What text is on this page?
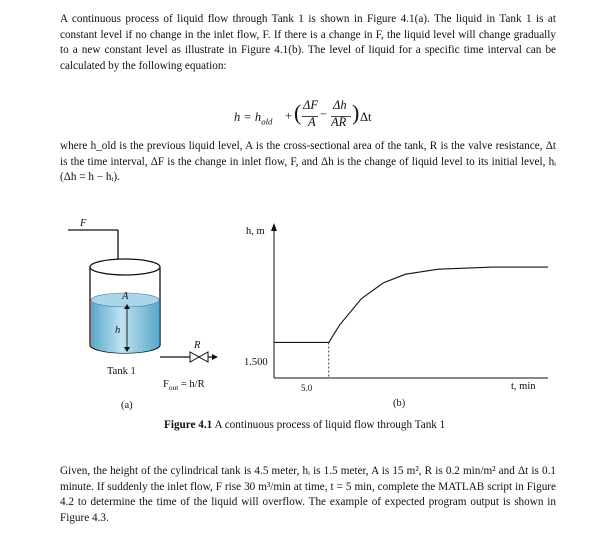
A continuous process of liquid flow through Tank 1 is shown in Figure 4.1(a). The liquid in Tank 1 is at constant level if no change in the inlet flow, F. If there is a change in F, the liquid level will change gradually to a new constant level as illustrate in Figure 4.1(b). The level of liquid for a specific time interval can be calculated by the following equation:

$h = h_{old}$ + ( ΔF
A
−
Δh
AR ) Δt

where h_old is the previous liquid level, A is the cross-sectional area of the tank, R is the valve resistance, Δt is the time interval, ΔF is the change in inlet flow, F, and Δh is the change of liquid level to its initial level, hᵢ (Δh = h − hᵢ).

F
A
h
R
Tank 1
$F_{out} = h/R$
(a)
h, m
1.500
5.0	t, min
(b)
Figure 4.1 A continuous process of liquid flow through Tank 1

Given, the height of the cylindrical tank is 4.5 meter, hᵢ is 1.5 meter, A is 15 m², R is 0.2 min/m² and Δt is 0.1 minute. If suddenly the inlet flow, F rise 30 m³/min at time, t = 5 min, complete the MATLAB script in Figure 4.2 to determine the time of the liquid will overflow. The example of expected program output is shown in Figure 4.3.
